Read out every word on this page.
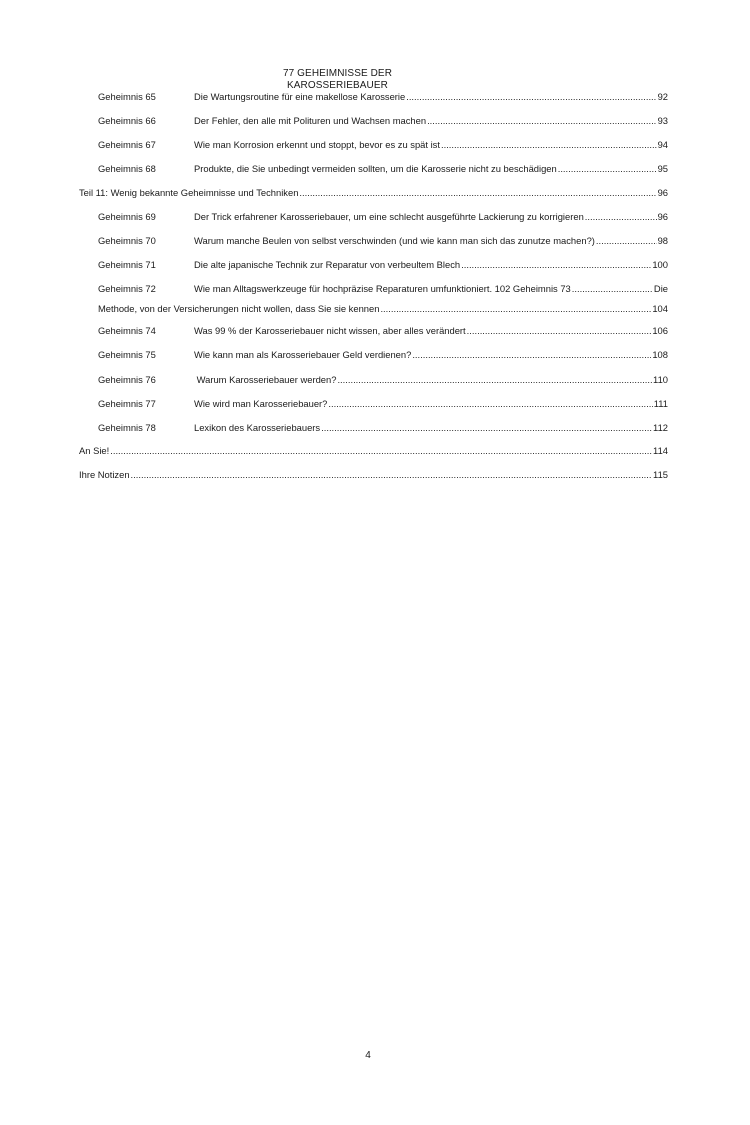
77 GEHEIMNISSE DER
KAROSSERIEBAUER
Geheimnis 65	Die Wartungsroutine für eine makellose Karosserie .....	92
Geheimnis 66	Der Fehler, den alle mit Polituren und Wachsen machen .....	93
Geheimnis 67	Wie man Korrosion erkennt und stoppt, bevor es zu spät ist .....	94
Geheimnis 68	Produkte, die Sie unbedingt vermeiden sollten, um die Karosserie nicht zu beschädigen .....	95
Teil 11: Wenig bekannte Geheimnisse und Techniken .....	96
Geheimnis 69	Der Trick erfahrener Karosseriebauer, um eine schlecht ausgeführte Lackierung zu korrigieren .....	96
Geheimnis 70	Warum manche Beulen von selbst verschwinden (und wie kann man sich das zunutze machen?) .....	98
Geheimnis 71	Die alte japanische Technik zur Reparatur von verbeultem Blech .....	100
Geheimnis 72	Wie man Alltagswerkzeuge für hochpräzise Reparaturen umfunktioniert. 102 Geheimnis 73 .....	Die
Methode, von der Versicherungen nicht wollen, dass Sie sie kennen .....	104
Geheimnis 74	Was 99 % der Karosseriebauer nicht wissen, aber alles verändert .....	106
Geheimnis 75	Wie kann man als Karosseriebauer Geld verdienen? .....	108
Geheimnis 76	Warum Karosseriebauer werden? .....	110
Geheimnis 77	Wie wird man Karosseriebauer? .....	111
Geheimnis 78	Lexikon des Karosseriebauers .....	112
An Sie! .....	114
Ihre Notizen .....	115
4
